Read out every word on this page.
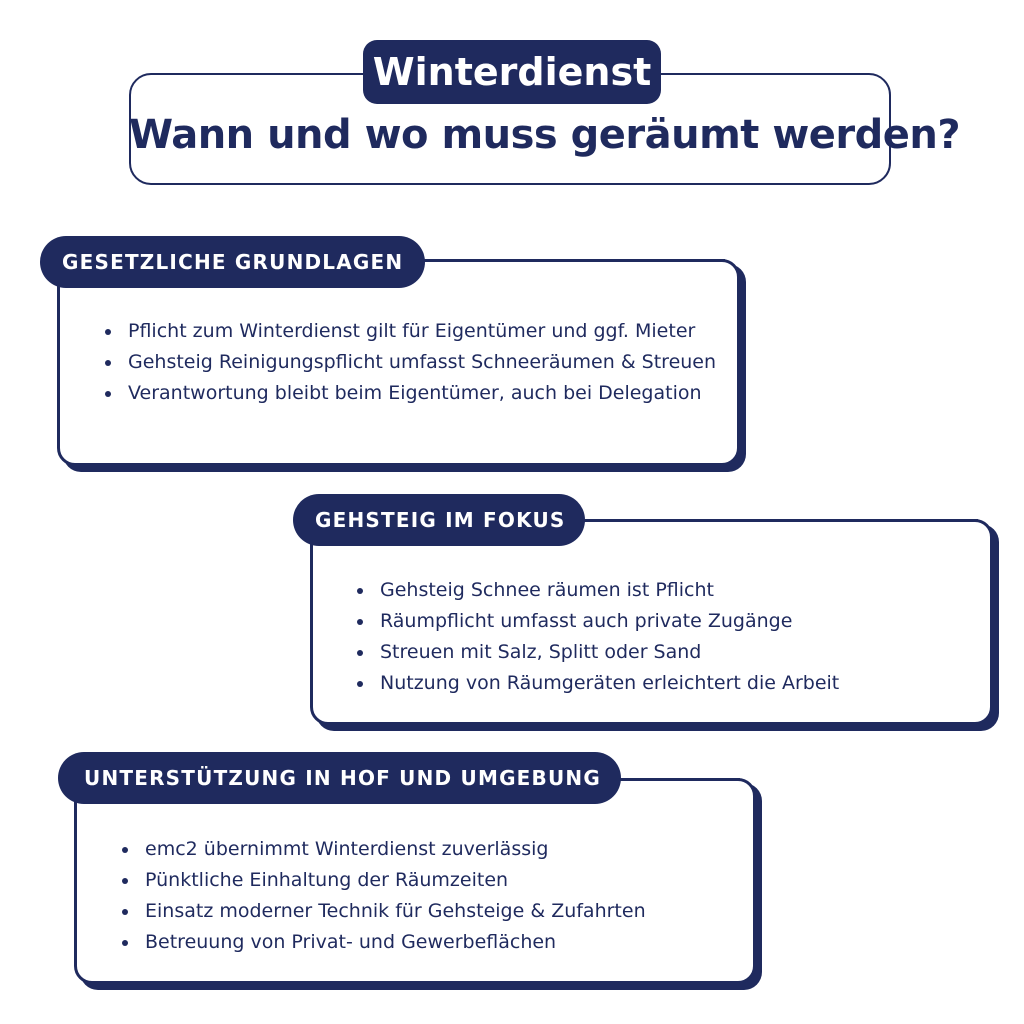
Winterdienst
Wann und wo muss geräumt werden?
GESETZLICHE GRUNDLAGEN
Pflicht zum Winterdienst gilt für Eigentümer und ggf. Mieter
Gehsteig Reinigungspflicht umfasst Schneeräumen & Streuen
Verantwortung bleibt beim Eigentümer, auch bei Delegation
GEHSTEIG IM FOKUS
Gehsteig Schnee räumen ist Pflicht
Räumpflicht umfasst auch private Zugänge
Streuen mit Salz, Splitt oder Sand
Nutzung von Räumgeräten erleichtert die Arbeit
UNTERSTÜTZUNG IN HOF UND UMGEBUNG
emc2 übernimmt Winterdienst zuverlässig
Pünktliche Einhaltung der Räumzeiten
Einsatz moderner Technik für Gehsteige & Zufahrten
Betreuung von Privat- und Gewerbeflächen
